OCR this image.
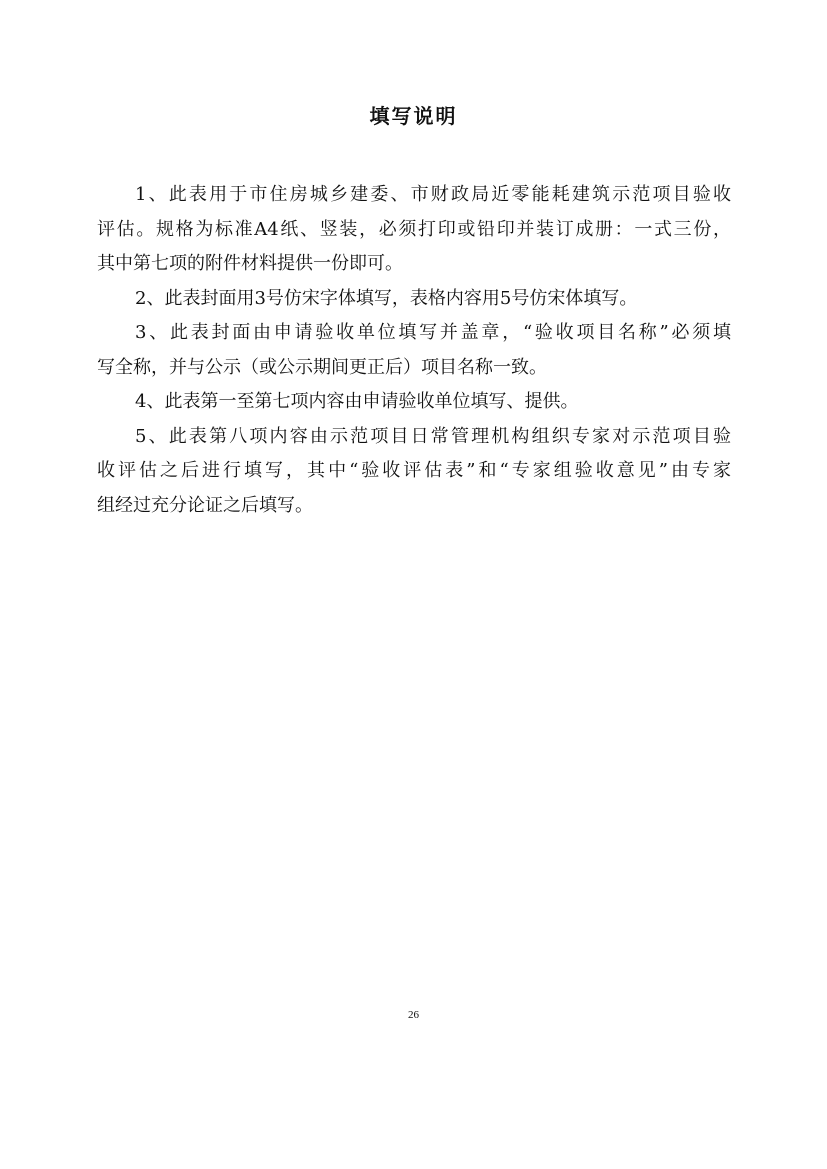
填写说明
1、此表用于市住房城乡建委、市财政局近零能耗建筑示范项目验收
评估。规格为标准A4纸、竖装，必须打印或铅印并装订成册：一式三份，
其中第七项的附件材料提供一份即可。
2、此表封面用3号仿宋字体填写，表格内容用5号仿宋体填写。
3、此表封面由申请验收单位填写并盖章，“验收项目名称”必须填
写全称，并与公示（或公示期间更正后）项目名称一致。
4、此表第一至第七项内容由申请验收单位填写、提供。
5、此表第八项内容由示范项目日常管理机构组织专家对示范项目验
收评估之后进行填写，其中“验收评估表”和“专家组验收意见”由专家
组经过充分论证之后填写。
26
